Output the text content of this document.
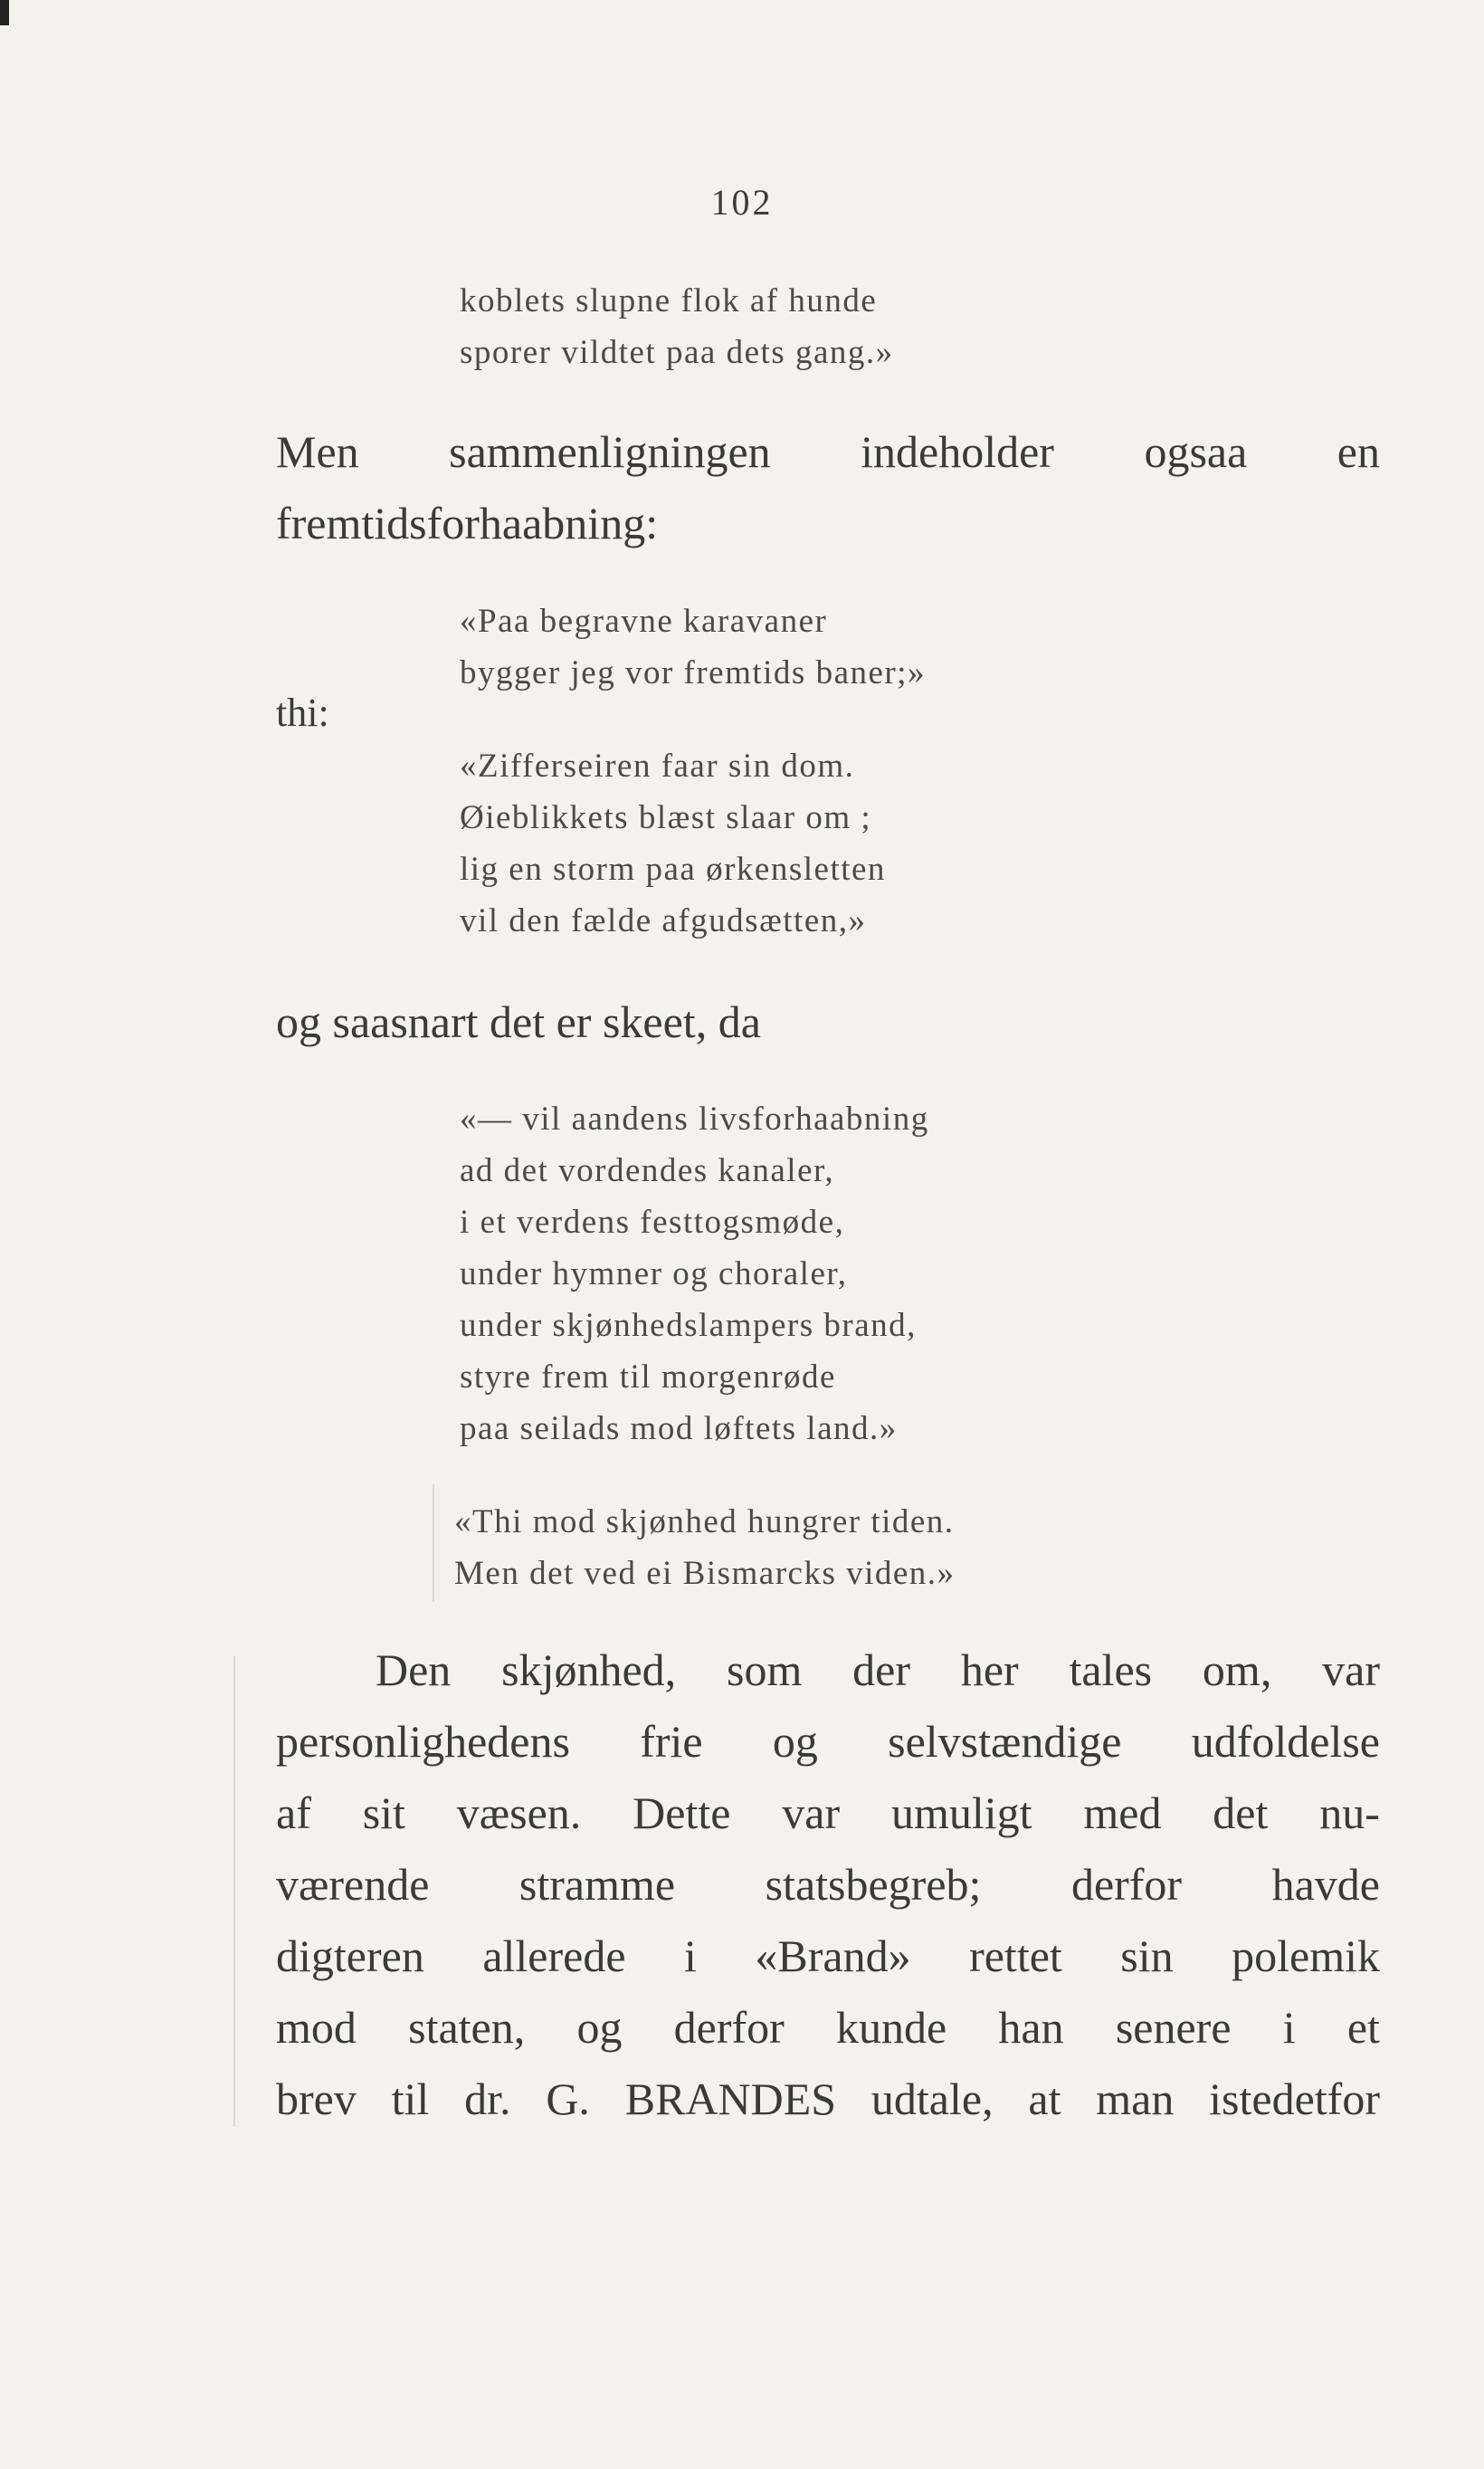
102
koblets slupne flok af hunde
sporer vildtet paa dets gang.»
Men sammenligningen indeholder ogsaa en
fremtidsforhaabning:
«Paa begravne karavaner
bygger jeg vor fremtids baner;»
thi:
«Zifferseiren faar sin dom.
Øieblikkets blæst slaar om ;
lig en storm paa ørkensletten
vil den fælde afgudsætten,»
og saasnart det er skeet, da
«— vil aandens livsforhaabning
ad det vordendes kanaler,
i et verdens festtogsmøde,
under hymner og choraler,
under skjønhedslampers brand,
styre frem til morgenrøde
paa seilads mod løftets land.»
«Thi mod skjønhed hungrer tiden.
Men det ved ei Bismarcks viden.»
Den skjønhed, som der her tales om, var
personlighedens frie og selvstændige udfoldelse
af sit væsen. Dette var umuligt med det nu-
værende stramme statsbegreb; derfor havde
digteren allerede i «Brand» rettet sin polemik
mod staten, og derfor kunde han senere i et
brev til dr. G. BRANDES udtale, at man istedetfor
